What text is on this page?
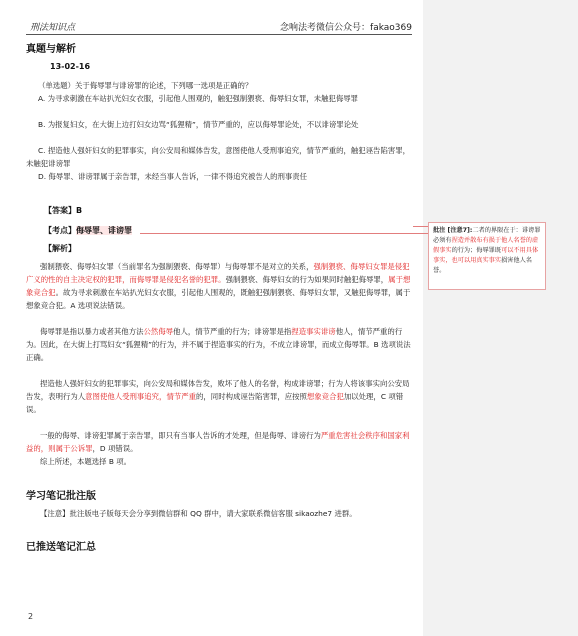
刑法知识点	念响法考微信公众号：fakao369
真题与解析
13-02-16
（单选题）关于侮辱罪与诽谤罪的论述，下列哪一选项是正确的？
A. 为寻求刺激在车站扒光妇女衣服，引起他人围观的，触犯强制猥亵、侮辱妇女罪，未触犯侮辱罪
B. 为报复妇女，在大街上边打妇女边骂“狐狸精”，情节严重的，应以侮辱罪论处，不以诽谤罪论处
C. 捏造他人强奸妇女的犯罪事实，向公安局和媒体告发，意图使他人受刑事追究，情节严重的，触犯诬告陷害罪，未触犯诽谤罪
D. 侮辱罪、诽谤罪属于亲告罪，未经当事人告诉，一律不得追究被告人的刑事责任
【答案】B
【考点】侮辱罪、诽谤罪
【解析】
强制猥亵、侮辱妇女罪（当前罪名为强制猥亵、侮辱罪）与侮辱罪不是对立的关系，强制猥亵、侮辱妇女罪是侵犯广义的性的自主决定权的犯罪，而侮辱罪是侵犯名誉的犯罪。强制猥亵、侮辱妇女的行为如果同时触犯侮辱罪，属于想象竞合犯。故为寻求刺激在车站扒光妇女衣服，引起他人围观的，既触犯强制猥亵、侮辱妇女罪，又触犯侮辱罪，属于想象竞合犯。A 选项说法错误。
侮辱罪是指以暴力或者其他方法公然侮辱他人，情节严重的行为；诽谤罪是指捏造事实诽谤他人，情节严重的行为。因此，在大街上打骂妇女“狐狸精”的行为，并不属于捏造事实的行为，不成立诽谤罪，而成立侮辱罪。B 选项说法正确。
捏造他人强奸妇女的犯罪事实，向公安局和媒体告发，败坏了他人的名誉，构成诽谤罪；行为人将该事实向公安局告发，表明行为人意图使他人受刑事追究，情节严重的，同时构成诬告陷害罪，应按照想象竞合犯加以处理，C 项错误。
一般的侮辱、诽谤犯罪属于亲告罪，即只有当事人告诉的才处理，但是侮辱、诽谤行为严重危害社会秩序和国家利益的，则属于公诉罪，D 项错误。
综上所述，本题选择 B 项。
批注 [注意7]:二者的界限在于：诽谤罪必须有捏造并散布有损于他人名誉的虚假事实的行为；侮辱罪既可以不用具体事实，也可以用真实事实损害他人名誉。
学习笔记批注版
【注意】批注版电子版每天会分享到微信群和 QQ 群中，请大家联系微信客服 sikaozhe7 进群。
已推送笔记汇总
2
